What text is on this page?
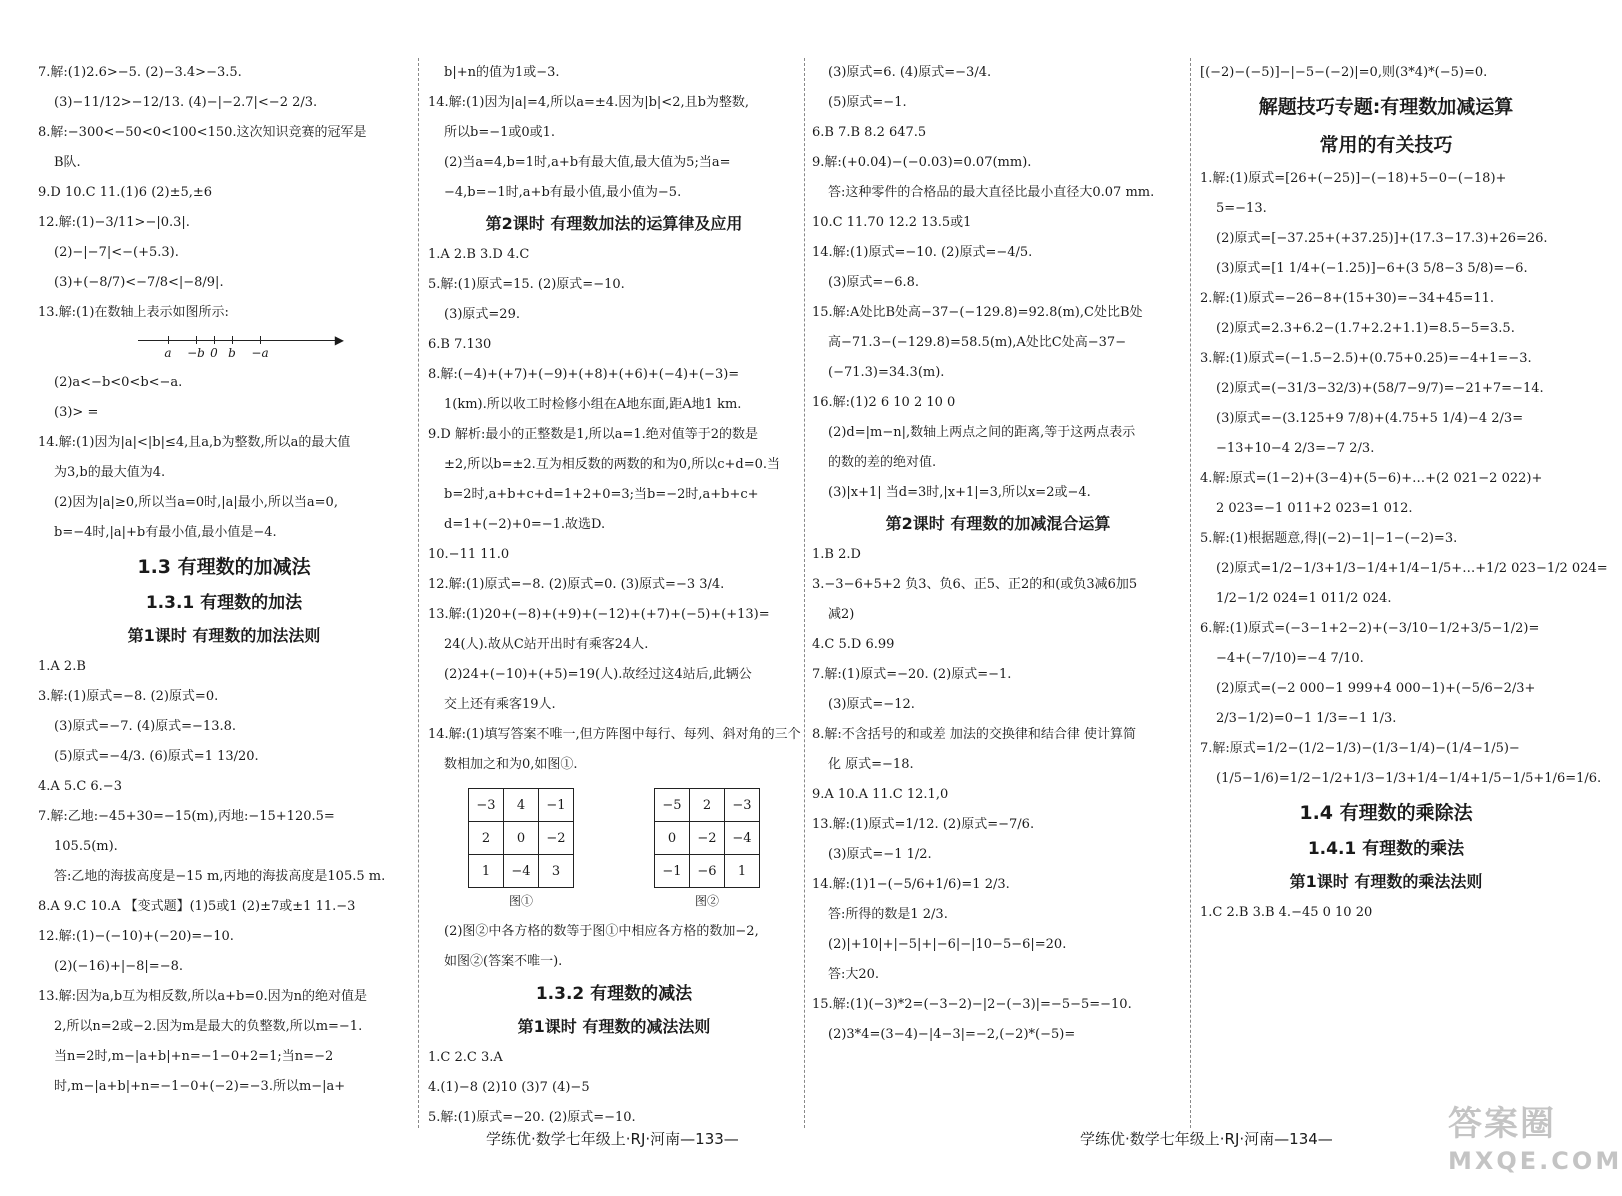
7.解:(1)2.6>−5. (2)−3.4>−3.5.
(3)−11/12>−12/13. (4)−|−2.7|<−2 2/3.
8.解:−300<−50<0<100<150.这次知识竞赛的冠军是
B队.
9.D 10.C 11.(1)6 (2)±5,±6
12.解:(1)−3/11>−|0.3|.
(2)−|−7|<−(+5.3).
(3)+(−8/7)<−7/8<|−8/9|.
13.解:(1)在数轴上表示如图所示:
▶
a −b 0 b −a
(2)a<−b<0<b<−a.
(3)> =
14.解:(1)因为|a|<|b|≤4,且a,b为整数,所以a的最大值
为3,b的最大值为4.
(2)因为|a|≥0,所以当a=0时,|a|最小,所以当a=0,
b=−4时,|a|+b有最小值,最小值是−4.
1.3 有理数的加减法
1.3.1 有理数的加法
第1课时 有理数的加法法则
1.A 2.B
3.解:(1)原式=−8. (2)原式=0.
(3)原式=−7. (4)原式=−13.8.
(5)原式=−4/3. (6)原式=1 13/20.
4.A 5.C 6.−3
7.解:乙地:−45+30=−15(m),丙地:−15+120.5=
105.5(m).
答:乙地的海拔高度是−15 m,丙地的海拔高度是105.5 m.
8.A 9.C 10.A 【变式题】(1)5或1 (2)±7或±1 11.−3
12.解:(1)−(−10)+(−20)=−10.
(2)(−16)+|−8|=−8.
13.解:因为a,b互为相反数,所以a+b=0.因为n的绝对值是
2,所以n=2或−2.因为m是最大的负整数,所以m=−1.
当n=2时,m−|a+b|+n=−1−0+2=1;当n=−2
时,m−|a+b|+n=−1−0+(−2)=−3.所以m−|a+
b|+n的值为1或−3.
14.解:(1)因为|a|=4,所以a=±4.因为|b|<2,且b为整数,
所以b=−1或0或1.
(2)当a=4,b=1时,a+b有最大值,最大值为5;当a=
−4,b=−1时,a+b有最小值,最小值为−5.
第2课时 有理数加法的运算律及应用
1.A 2.B 3.D 4.C
5.解:(1)原式=15. (2)原式=−10.
(3)原式=29.
6.B 7.130
8.解:(−4)+(+7)+(−9)+(+8)+(+6)+(−4)+(−3)=
1(km).所以收工时检修小组在A地东面,距A地1 km.
9.D 解析:最小的正整数是1,所以a=1.绝对值等于2的数是
±2,所以b=±2.互为相反数的两数的和为0,所以c+d=0.当
b=2时,a+b+c+d=1+2+0=3;当b=−2时,a+b+c+
d=1+(−2)+0=−1.故选D.
10.−11 11.0
12.解:(1)原式=−8. (2)原式=0. (3)原式=−3 3/4.
13.解:(1)20+(−8)+(+9)+(−12)+(+7)+(−5)+(+13)=
24(人).故从C站开出时有乘客24人.
(2)24+(−10)+(+5)=19(人).故经过这4站后,此辆公
交上还有乘客19人.
14.解:(1)填写答案不唯一,但方阵图中每行、每列、斜对角的三个
数相加之和为0,如图①.
−3	4	−1
2	0	−2
1	−4	3
图①
−5	2	−3
0	−2	−4
−1	−6	1
图②
(2)图②中各方格的数等于图①中相应各方格的数加−2,
如图②(答案不唯一).
1.3.2 有理数的减法
第1课时 有理数的减法法则
1.C 2.C 3.A
4.(1)−8 (2)10 (3)7 (4)−5
5.解:(1)原式=−20. (2)原式=−10.
(3)原式=6. (4)原式=−3/4.
(5)原式=−1.
6.B 7.B 8.2 647.5
9.解:(+0.04)−(−0.03)=0.07(mm).
答:这种零件的合格品的最大直径比最小直径大0.07 mm.
10.C 11.70 12.2 13.5或1
14.解:(1)原式=−10. (2)原式=−4/5.
(3)原式=−6.8.
15.解:A处比B处高−37−(−129.8)=92.8(m),C处比B处
高−71.3−(−129.8)=58.5(m),A处比C处高−37−
(−71.3)=34.3(m).
16.解:(1)2 6 10 2 10 0
(2)d=|m−n|,数轴上两点之间的距离,等于这两点表示
的数的差的绝对值.
(3)|x+1| 当d=3时,|x+1|=3,所以x=2或−4.
第2课时 有理数的加减混合运算
1.B 2.D
3.−3−6+5+2 负3、负6、正5、正2的和(或负3减6加5
减2)
4.C 5.D 6.99
7.解:(1)原式=−20. (2)原式=−1.
(3)原式=−12.
8.解:不含括号的和或差 加法的交换律和结合律 使计算简
化 原式=−18.
9.A 10.A 11.C 12.1,0
13.解:(1)原式=1/12. (2)原式=−7/6.
(3)原式=−1 1/2.
14.解:(1)1−(−5/6+1/6)=1 2/3.
答:所得的数是1 2/3.
(2)|+10|+|−5|+|−6|−|10−5−6|=20.
答:大20.
15.解:(1)(−3)*2=(−3−2)−|2−(−3)|=−5−5=−10.
(2)3*4=(3−4)−|4−3|=−2,(−2)*(−5)=
[(−2)−(−5)]−|−5−(−2)|=0,则(3*4)*(−5)=0.
解题技巧专题:有理数加减运算
常用的有关技巧
1.解:(1)原式=[26+(−25)]−(−18)+5−0−(−18)+
5=−13.
(2)原式=[−37.25+(+37.25)]+(17.3−17.3)+26=26.
(3)原式=[1 1/4+(−1.25)]−6+(3 5/8−3 5/8)=−6.
2.解:(1)原式=−26−8+(15+30)=−34+45=11.
(2)原式=2.3+6.2−(1.7+2.2+1.1)=8.5−5=3.5.
3.解:(1)原式=(−1.5−2.5)+(0.75+0.25)=−4+1=−3.
(2)原式=(−31/3−32/3)+(58/7−9/7)=−21+7=−14.
(3)原式=−(3.125+9 7/8)+(4.75+5 1/4)−4 2/3=
−13+10−4 2/3=−7 2/3.
4.解:原式=(1−2)+(3−4)+(5−6)+…+(2 021−2 022)+
2 023=−1 011+2 023=1 012.
5.解:(1)根据题意,得|(−2)−1|−1−(−2)=3.
(2)原式=1/2−1/3+1/3−1/4+1/4−1/5+…+1/2 023−1/2 024=
1/2−1/2 024=1 011/2 024.
6.解:(1)原式=(−3−1+2−2)+(−3/10−1/2+3/5−1/2)=
−4+(−7/10)=−4 7/10.
(2)原式=(−2 000−1 999+4 000−1)+(−5/6−2/3+
2/3−1/2)=0−1 1/3=−1 1/3.
7.解:原式=1/2−(1/2−1/3)−(1/3−1/4)−(1/4−1/5)−
(1/5−1/6)=1/2−1/2+1/3−1/3+1/4−1/4+1/5−1/5+1/6=1/6.
1.4 有理数的乘除法
1.4.1 有理数的乘法
第1课时 有理数的乘法法则
1.C 2.B 3.B 4.−45 0 10 20
学练优·数学七年级上·RJ·河南—133—	学练优·数学七年级上·RJ·河南—134—	答案圈
MXQE.COM
